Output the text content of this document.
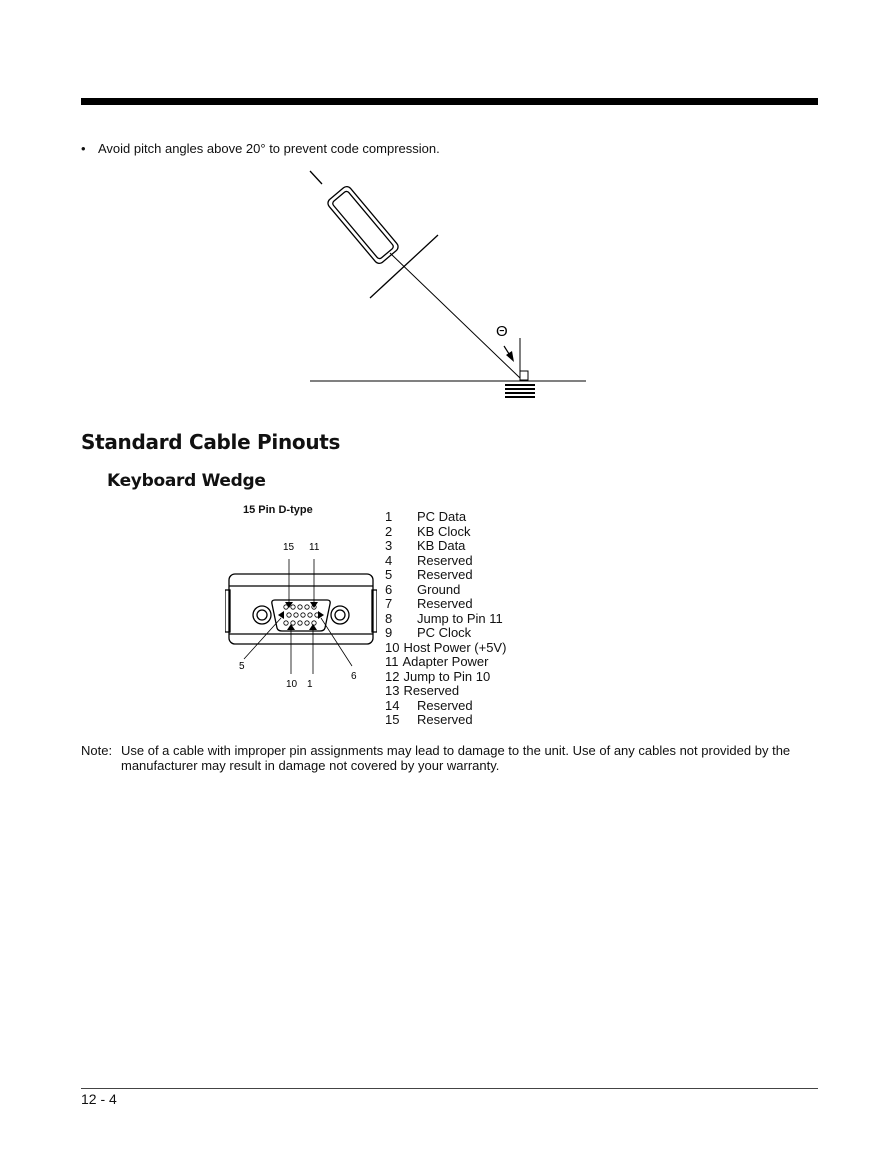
• Avoid pitch angles above 20° to prevent code compression.
Θ
Standard Cable Pinouts
Keyboard Wedge
15 Pin D-type
15 11
5
10 1
6
1 PC Data
2 KB Clock
3 KB Data
4 Reserved
5 Reserved
6 Ground
7 Reserved
8 Jump to Pin 11
9 PC Clock
10 Host Power (+5V)
11 Adapter Power
12 Jump to Pin 10
13 Reserved
14 Reserved
15 Reserved
Note: Use of a cable with improper pin assignments may lead to damage to the unit. Use of any cables not provided by the manufacturer may result in damage not covered by your warranty.
12 - 4
